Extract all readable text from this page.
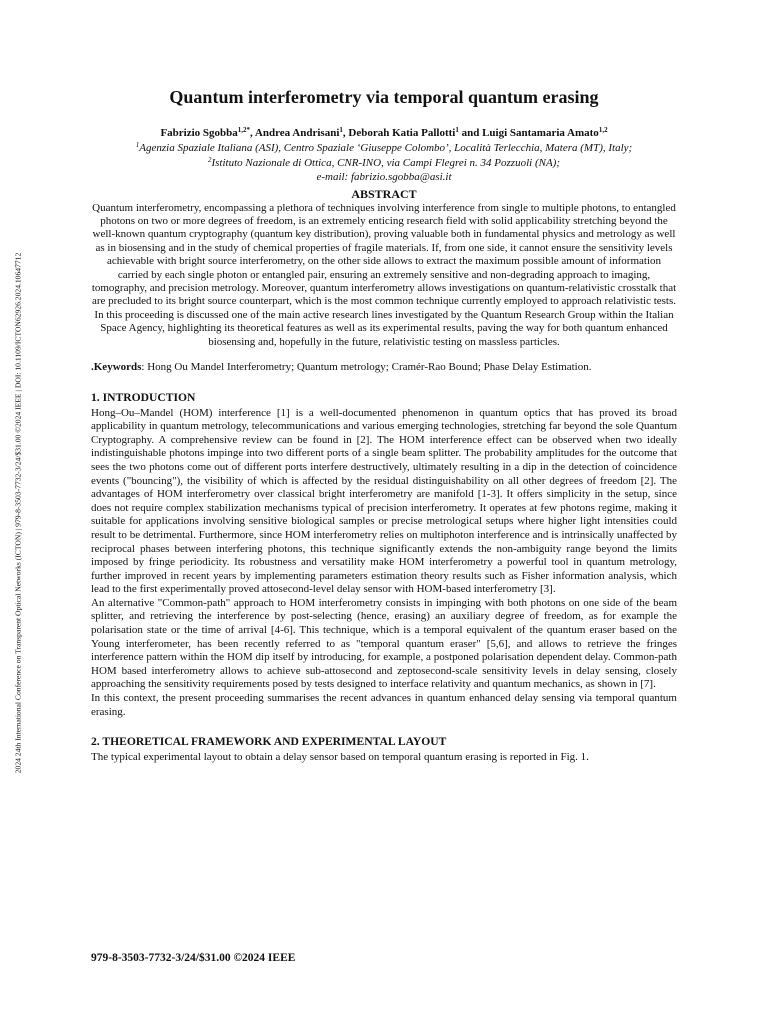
2024 24th International Conference on Transparent Optical Networks (ICTON) | 979-8-3503-7732-3/24/$31.00 ©2024 IEEE | DOI: 10.1109/ICTON62926.2024.10647712
Quantum interferometry via temporal quantum erasing
Fabrizio Sgobba$^{1,2*}$, Andrea Andrisani$^1$, Deborah Katia Pallotti$^1$ and Luigi Santamaria Amato$^{1,2}$
$^1$Agenzia Spaziale Italiana (ASI), Centro Spaziale ‘Giuseppe Colombo’, Località Terlecchia, Matera (MT), Italy;
$^2$Istituto Nazionale di Ottica, CNR-INO, via Campi Flegrei n. 34 Pozzuoli (NA);
e-mail: fabrizio.sgobba@asi.it
ABSTRACT

Quantum interferometry, encompassing a plethora of techniques involving interference from single to multiple photons, to entangled photons on two or more degrees of freedom, is an extremely enticing research field with solid applicability stretching beyond the well-known quantum cryptography (quantum key distribution), proving valuable both in fundamental physics and metrology as well as in biosensing and in the study of chemical properties of fragile materials. If, from one side, it cannot ensure the sensitivity levels achievable with bright source interferometry, on the other side allows to extract the maximum possible amount of information carried by each single photon or entangled pair, ensuring an extremely sensitive and non-degrading approach to imaging, tomography, and precision metrology. Moreover, quantum interferometry allows investigations on quantum-relativistic crosstalk that are precluded to its bright source counterpart, which is the most common technique currently employed to approach relativistic tests. In this proceeding is discussed one of the main active research lines investigated by the Quantum Research Group within the Italian Space Agency, highlighting its theoretical features as well as its experimental results, paving the way for both quantum enhanced biosensing and, hopefully in the future, relativistic testing on massless particles.

.Keywords: Hong Ou Mandel Interferometry; Quantum metrology; Cramér-Rao Bound; Phase Delay Estimation.
1. INTRODUCTION

Hong–Ou–Mandel (HOM) interference [1] is a well-documented phenomenon in quantum optics that has proved its broad applicability in quantum metrology, telecommunications and various emerging technologies, stretching far beyond the sole Quantum Cryptography. A comprehensive review can be found in [2]. The HOM interference effect can be observed when two ideally indistinguishable photons impinge into two different ports of a single beam splitter. The probability amplitudes for the outcome that sees the two photons come out of different ports interfere destructively, ultimately resulting in a dip in the detection of coincidence events ("bouncing"), the visibility of which is affected by the residual distinguishability on all other degrees of freedom [2]. The advantages of HOM interferometry over classical bright interferometry are manifold [1-3]. It offers simplicity in the setup, since does not require complex stabilization mechanisms typical of precision interferometry. It operates at few photons regime, making it suitable for applications involving sensitive biological samples or precise metrological setups where higher light intensities could result to be detrimental. Furthermore, since HOM interferometry relies on multiphoton interference and is intrinsically unaffected by reciprocal phases between interfering photons, this technique significantly extends the non-ambiguity range beyond the limits imposed by fringe periodicity. Its robustness and versatility make HOM interferometry a powerful tool in quantum metrology, further improved in recent years by implementing parameters estimation theory results such as Fisher information analysis, which lead to the first experimentally proved attosecond-level delay sensor with HOM-based interferometry [3].

An alternative "Common-path" approach to HOM interferometry consists in impinging with both photons on one side of the beam splitter, and retrieving the interference by post-selecting (hence, erasing) an auxiliary degree of freedom, as for example the polarisation state or the time of arrival [4-6]. This technique, which is a temporal equivalent of the quantum eraser based on the Young interferometer, has been recently referred to as "temporal quantum eraser" [5,6], and allows to retrieve the fringes interference pattern within the HOM dip itself by introducing, for example, a postponed polarisation dependent delay. Common-path HOM based interferometry allows to achieve sub-attosecond and zeptosecond-scale sensitivity levels in delay sensing, closely approaching the sensitivity requirements posed by tests designed to interface relativity and quantum mechanics, as shown in [7].

In this context, the present proceeding summarises the recent advances in quantum enhanced delay sensing via temporal quantum erasing.

2. THEORETICAL FRAMEWORK AND EXPERIMENTAL LAYOUT

The typical experimental layout to obtain a delay sensor based on temporal quantum erasing is reported in Fig. 1.

979-8-3503-7732-3/24/$31.00 ©2024 IEEE
